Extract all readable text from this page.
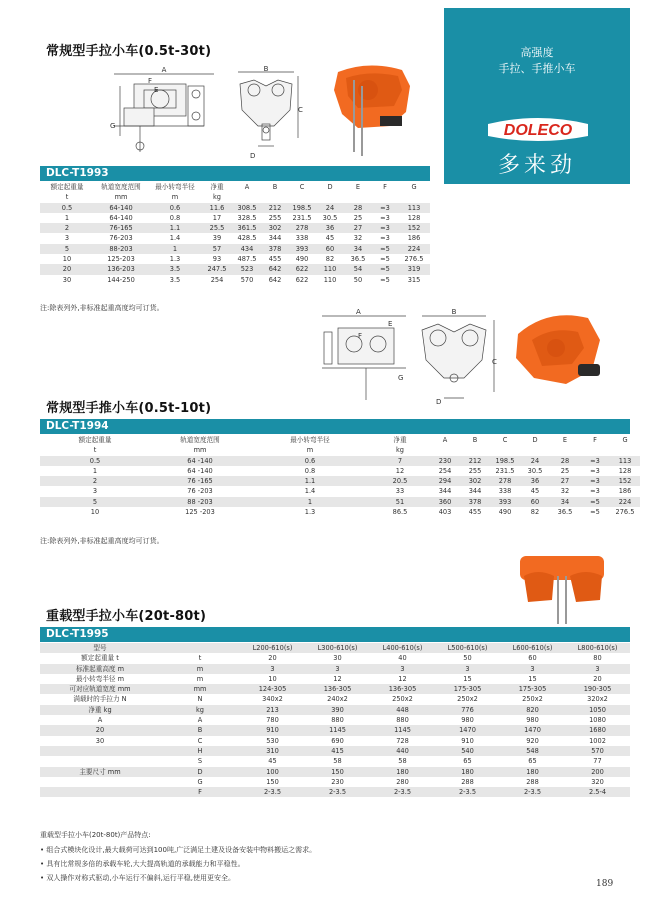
高强度
手拉、手推小车
DOLECO
多来劲
常规型手拉小车(0.5t-30t)
A
F
E
G
B
C
D
DLC-T1993
额定起重量	轨道宽度范围	最小转弯半径	净重	A	B	C	D	E	F	G
t	mm	m	kg							
0.5	64-140	0.6	11.6	308.5	212	198.5	24	28	≈3	113
1	64-140	0.8	17	328.5	255	231.5	30.5	25	≈3	128
2	76-165	1.1	25.5	361.5	302	278	36	27	≈3	152
3	76-203	1.4	39	428.5	344	338	45	32	≈3	186
5	88-203	1	57	434	378	393	60	34	≈5	224
10	125-203	1.3	93	487.5	455	490	82	36.5	≈5	276.5
20	136-203	3.5	247.5	523	642	622	110	54	≈5	319
30	144-250	3.5	254	570	642	622	110	50	≈5	315
注:除表列外,非标准起重高度均可订货。	A
E
F
G
B
C
D
常规型手推小车(0.5t-10t)
DLC-T1994
额定起重量	轨道宽度范围	最小转弯半径	净重	A	B	C	D	E	F	G
t	mm	m	kg							
0.5	64 -140	0.6	7	230	212	198.5	24	28	≈3	113
1	64 -140	0.8	12	254	255	231.5	30.5	25	≈3	128
2	76 -165	1.1	20.5	294	302	278	36	27	≈3	152
3	76 -203	1.4	33	344	344	338	45	32	≈3	186
5	88 -203	1	51	360	378	393	60	34	≈5	224
10	125 -203	1.3	86.5	403	455	490	82	36.5	≈5	276.5
注:除表列外,非标准起重高度均可订货。
重载型手拉小车(20t-80t)
DLC-T1995
型号		L200-610(s)	L300-610(s)	L400-610(s)	L500-610(s)	L600-610(s)	L800-610(s)
额定起重量 t	t	20	30	40	50	60	80
标准起重高度 m	m	3	3	3	3	3	3
最小转弯半径 m	m	10	12	12	15	15	20
可对应轨道宽度 mm	mm	124-305	136-305	136-305	175-305	175-305	190-305
满载时的手拉力 N	N	340x2	240x2	250x2	250x2	250x2	320x2
净重 kg	kg	213	390	448	776	820	1050
A	A	780	880	880	980	980	1080
20	B	910	1145	1145	1470	1470	1680
30	C	530	690	728	910	920	1002
	H	310	415	440	540	548	570
	S	45	58	58	65	65	77
主要尺寸 mm	D	100	150	180	180	180	200
	G	150	230	280	288	288	320
	F	2-3.5	2-3.5	2-3.5	2-3.5	2-3.5	2.5-4
重载型手拉小车(20t-80t)产品特点:
• 组合式模块化设计,最大载荷可达到100吨,广泛满足土建及设备安装中物料搬运之需求。
• 具有比常规多倍的承载车轮,大大提高轨道的承载能力和平稳性。
• 双人操作对称式驱动,小车运行不偏斜,运行平稳,使用更安全。
189
